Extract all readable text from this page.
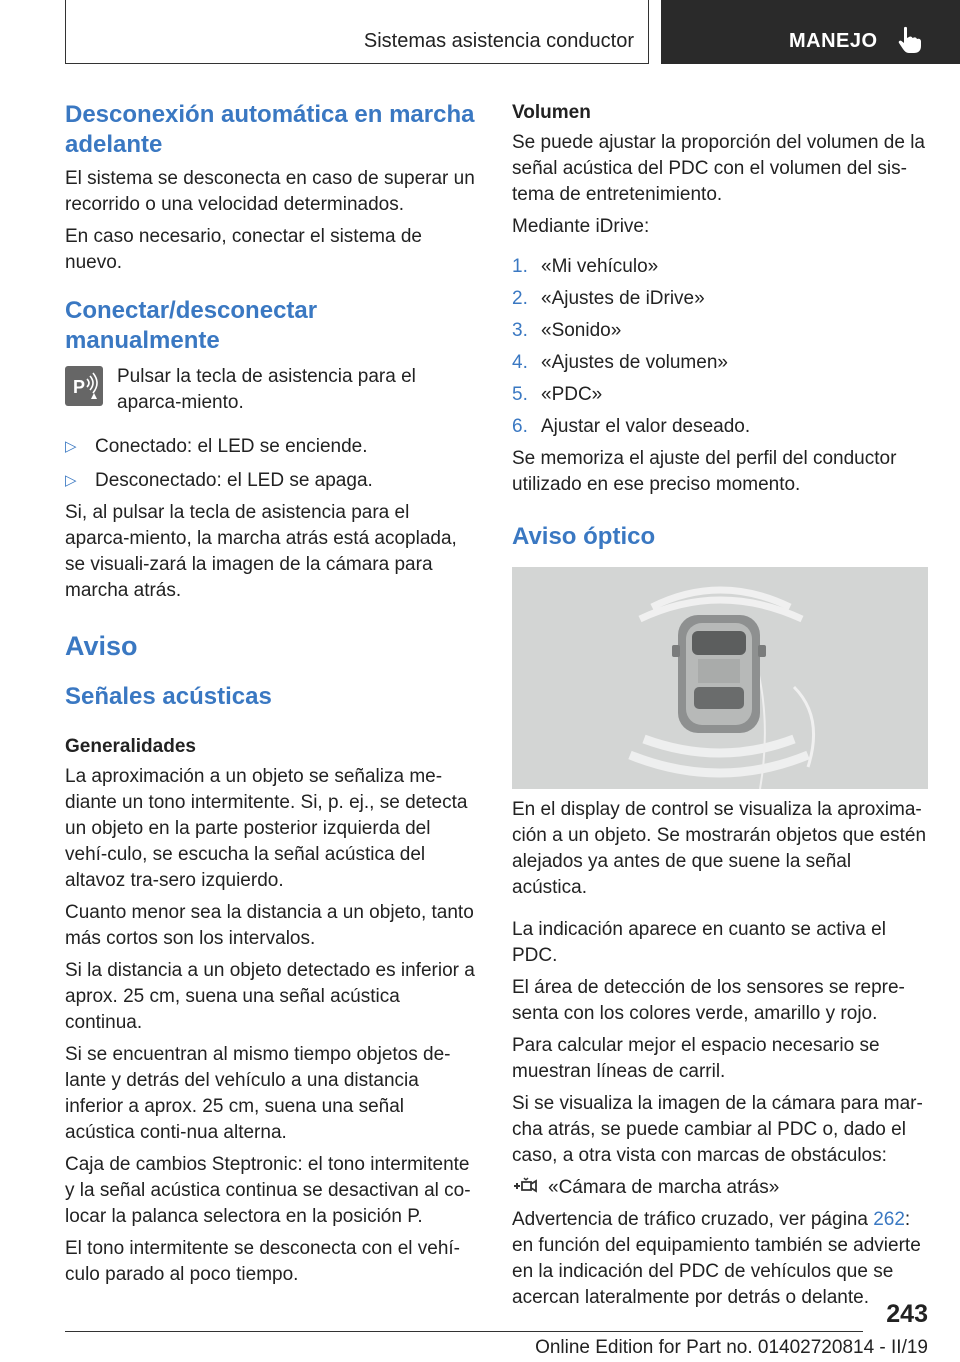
Sistemas asistencia conductor	MANEJO
Desconexión automática en marcha adelante

El sistema se desconecta en caso de superar un recorrido o una velocidad determinados.

En caso necesario, conectar el sistema de nuevo.

Conectar/desconectar manualmente
P Pulsar la tecla de asistencia para el aparca‐miento.

▷ Conectado: el LED se enciende.

▷ Desconectado: el LED se apaga.

Si, al pulsar la tecla de asistencia para el aparca‐miento, la marcha atrás está acoplada, se visuali‐zará la imagen de la cámara para marcha atrás.

Aviso
Señales acústicas
Generalidades

La aproximación a un objeto se señaliza me‐diante un tono intermitente. Si, p. ej., se detecta un objeto en la parte posterior izquierda del vehí‐culo, se escucha la señal acústica del altavoz tra‐sero izquierdo.

Cuanto menor sea la distancia a un objeto, tanto más cortos son los intervalos.

Si la distancia a un objeto detectado es inferior a aprox. 25 cm, suena una señal acústica continua.

Si se encuentran al mismo tiempo objetos de‐lante y detrás del vehículo a una distancia inferior a aprox. 25 cm, suena una señal acústica conti‐nua alterna.

Caja de cambios Steptronic: el tono intermitente y la señal acústica continua se desactivan al co‐locar la palanca selectora en la posición P.

El tono intermitente se desconecta con el vehí‐culo parado al poco tiempo.

Volumen

Se puede ajustar la proporción del volumen de la señal acústica del PDC con el volumen del sis‐tema de entretenimiento.

Mediante iDrive:

1. «Mi vehículo»
2. «Ajustes de iDrive»
3. «Sonido»
4. «Ajustes de volumen»
5. «PDC»
6. Ajustar el valor deseado.

Se memoriza el ajuste del perfil del conductor utilizado en ese preciso momento.

Aviso óptico

En el display de control se visualiza la aproxima‐ción a un objeto. Se mostrarán objetos que estén alejados ya antes de que suene la señal acústica.

La indicación aparece en cuanto se activa el PDC.

El área de detección de los sensores se repre‐senta con los colores verde, amarillo y rojo.

Para calcular mejor el espacio necesario se muestran líneas de carril.

Si se visualiza la imagen de la cámara para mar‐cha atrás, se puede cambiar al PDC o, dado el caso, a otra vista con marcas de obstáculos:

«Cámara de marcha atrás»

Advertencia de tráfico cruzado, ver página 262: en función del equipamiento también se advierte en la indicación del PDC de vehículos que se acercan lateralmente por detrás o delante.

243
Online Edition for Part no. 01402720814 - II/19
